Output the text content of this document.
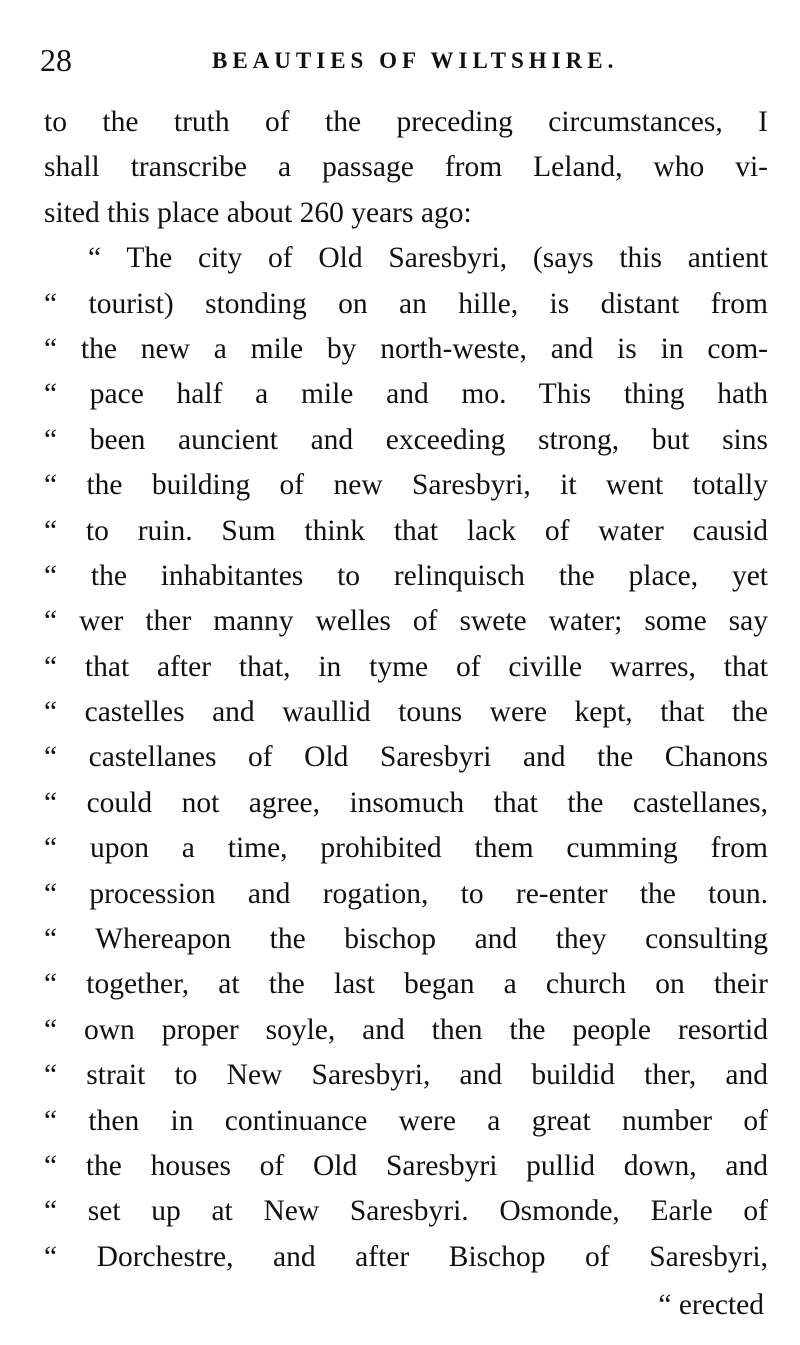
28	BEAUTIES OF WILTSHIRE.
to the truth of the preceding circumstances, I
shall transcribe a passage from Leland, who vi-
sited this place about 260 years ago:
“ The city of Old Saresbyri, (says this antient
“ tourist) stonding on an hille, is distant from
“ the new a mile by north-weste, and is in com-
“ pace half a mile and mo. This thing hath
“ been auncient and exceeding strong, but sins
“ the building of new Saresbyri, it went totally
“ to ruin. Sum think that lack of water causid
“ the inhabitantes to relinquisch the place, yet
“ wer ther manny welles of swete water; some say
“ that after that, in tyme of civille warres, that
“ castelles and waullid touns were kept, that the
“ castellanes of Old Saresbyri and the Chanons
“ could not agree, insomuch that the castellanes,
“ upon a time, prohibited them cumming from
“ procession and rogation, to re-enter the toun.
“ Whereapon the bischop and they consulting
“ together, at the last began a church on their
“ own proper soyle, and then the people resortid
“ strait to New Saresbyri, and buildid ther, and
“ then in continuance were a great number of
“ the houses of Old Saresbyri pullid down, and
“ set up at New Saresbyri. Osmonde, Earle of
“ Dorchestre, and after Bischop of Saresbyri,
“ erected
